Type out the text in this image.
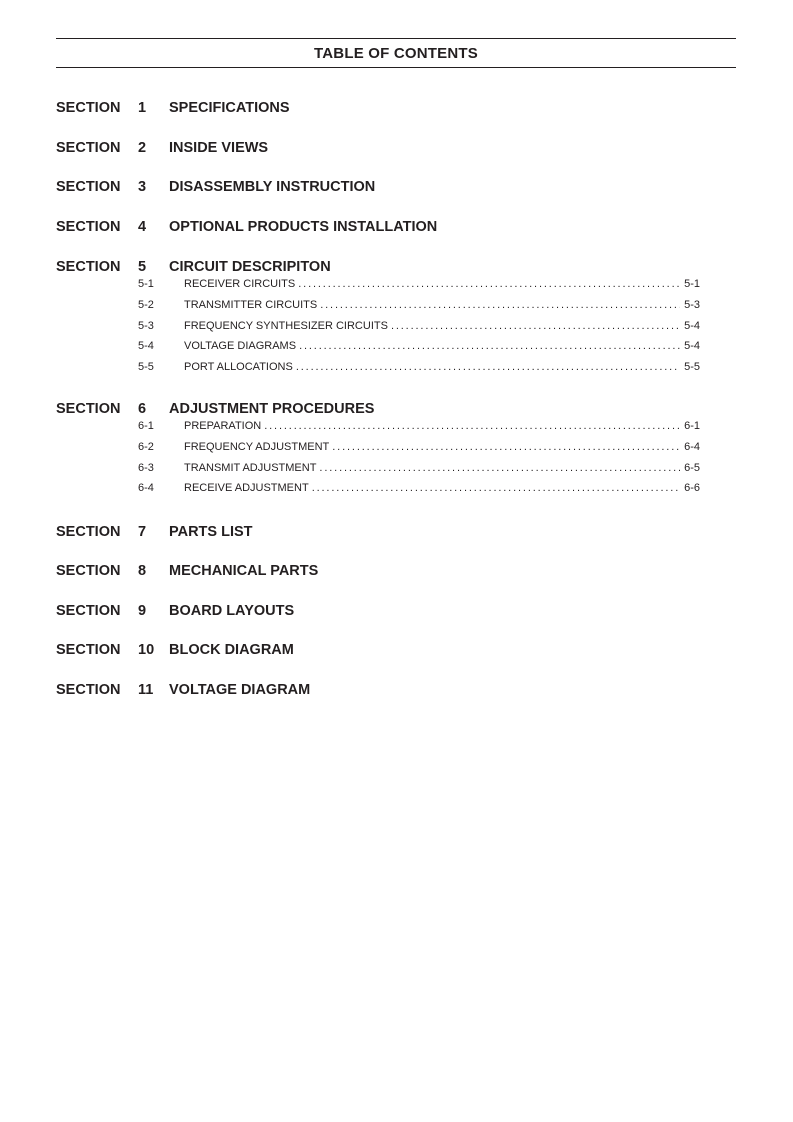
TABLE OF CONTENTS
SECTION 1 SPECIFICATIONS
SECTION 2 INSIDE VIEWS
SECTION 3 DISASSEMBLY INSTRUCTION
SECTION 4 OPTIONAL PRODUCTS INSTALLATION
SECTION 5 CIRCUIT DESCRIPITON
5-1	RECEIVER CIRCUITS . . .	5-1
5-2	TRANSMITTER CIRCUITS . . .	5-3
5-3	FREQUENCY SYNTHESIZER CIRCUITS . . .	5-4
5-4	VOLTAGE DIAGRAMS . . .	5-4
5-5	PORT ALLOCATIONS . . .	5-5
SECTION 6 ADJUSTMENT PROCEDURES
6-1	PREPARATION . . .	6-1
6-2	FREQUENCY ADJUSTMENT . . .	6-4
6-3	TRANSMIT ADJUSTMENT . . .	6-5
6-4	RECEIVE ADJUSTMENT . . .	6-6
SECTION 7 PARTS LIST
SECTION 8 MECHANICAL PARTS
SECTION 9 BOARD LAYOUTS
SECTION 10 BLOCK DIAGRAM
SECTION 11 VOLTAGE DIAGRAM
